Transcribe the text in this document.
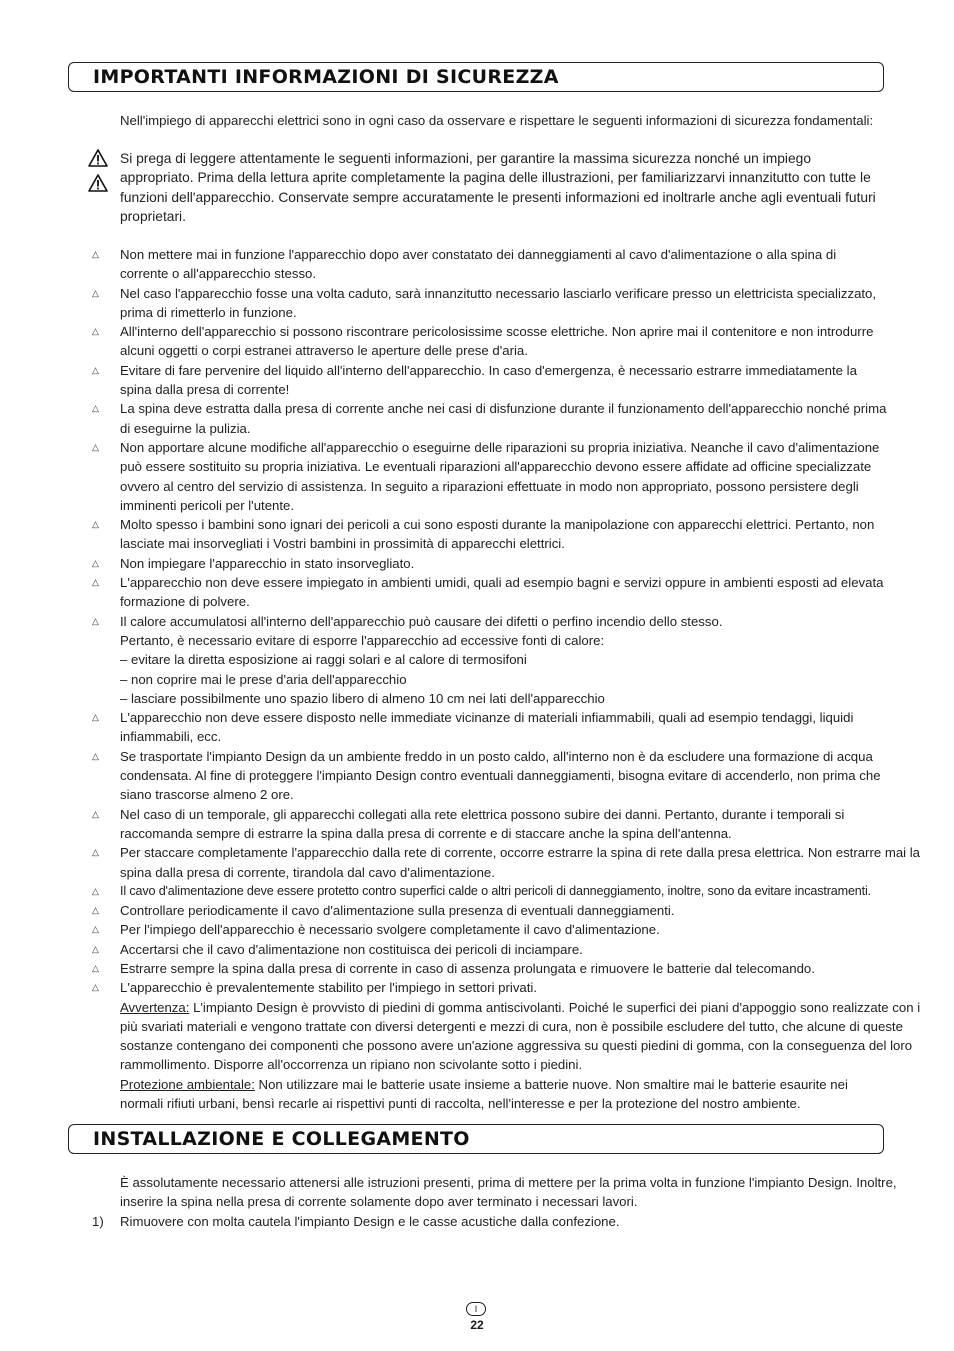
IMPORTANTI INFORMAZIONI DI SICUREZZA

Nell'impiego di apparecchi elettrici sono in ogni caso da osservare e rispettare le seguenti informazioni di sicurezza fondamentali:

Si prega di leggere attentamente le seguenti informazioni, per garantire la massima sicurezza nonché un impiego appropriato. Prima della lettura aprite completamente la pagina delle illustrazioni, per familiarizzarvi innanzitutto con tutte le funzioni dell'apparecchio. Conservate sempre accuratamente le presenti informazioni ed inoltrarle anche agli eventuali futuri proprietari.

△ Non mettere mai in funzione l'apparecchio dopo aver constatato dei danneggiamenti al cavo d'alimentazione o alla spina di corrente o all'apparecchio stesso.
△ Nel caso l'apparecchio fosse una volta caduto, sarà innanzitutto necessario lasciarlo verificare presso un elettricista specializzato, prima di rimetterlo in funzione.
△ All'interno dell'apparecchio si possono riscontrare pericolosissime scosse elettriche. Non aprire mai il contenitore e non introdurre alcuni oggetti o corpi estranei attraverso le aperture delle prese d'aria.
△ Evitare di fare pervenire del liquido all'interno dell'apparecchio. In caso d'emergenza, è necessario estrarre immediatamente la spina dalla presa di corrente!
△ La spina deve estratta dalla presa di corrente anche nei casi di disfunzione durante il funzionamento dell'apparecchio nonché prima di eseguirne la pulizia.
△ Non apportare alcune modifiche all'apparecchio o eseguirne delle riparazioni su propria iniziativa. Neanche il cavo d'alimentazione può essere sostituito su propria iniziativa. Le eventuali riparazioni all'apparecchio devono essere affidate ad officine specializzate ovvero al centro del servizio di assistenza. In seguito a riparazioni effettuate in modo non appropriato, possono persistere degli imminenti pericoli per l'utente.
△ Molto spesso i bambini sono ignari dei pericoli a cui sono esposti durante la manipolazione con apparecchi elettrici. Pertanto, non lasciate mai insorvegliati i Vostri bambini in prossimità di apparecchi elettrici.
△ Non impiegare l'apparecchio in stato insorvegliato.
△ L'apparecchio non deve essere impiegato in ambienti umidi, quali ad esempio bagni e servizi oppure in ambienti esposti ad elevata formazione di polvere.
△ Il calore accumulatosi all'interno dell'apparecchio può causare dei difetti o perfino incendio dello stesso.
Pertanto, è necessario evitare di esporre l'apparecchio ad eccessive fonti di calore:
– evitare la diretta esposizione ai raggi solari e al calore di termosifoni
– non coprire mai le prese d'aria dell'apparecchio
– lasciare possibilmente uno spazio libero di almeno 10 cm nei lati dell'apparecchio
△ L'apparecchio non deve essere disposto nelle immediate vicinanze di materiali infiammabili, quali ad esempio tendaggi, liquidi infiammabili, ecc.
△ Se trasportate l'impianto Design da un ambiente freddo in un posto caldo, all'interno non è da escludere una formazione di acqua condensata. Al fine di proteggere l'impianto Design contro eventuali danneggiamenti, bisogna evitare di accenderlo, non prima che siano trascorse almeno 2 ore.
△ Nel caso di un temporale, gli apparecchi collegati alla rete elettrica possono subire dei danni. Pertanto, durante i temporali si raccomanda sempre di estrarre la spina dalla presa di corrente e di staccare anche la spina dell'antenna.
△ Per staccare completamente l'apparecchio dalla rete di corrente, occorre estrarre la spina di rete dalla presa elettrica. Non estrarre mai la spina dalla presa di corrente, tirandola dal cavo d'alimentazione.
△ Il cavo d'alimentazione deve essere protetto contro superfici calde o altri pericoli di danneggiamento, inoltre, sono da evitare incastramenti.
△ Controllare periodicamente il cavo d'alimentazione sulla presenza di eventuali danneggiamenti.
△ Per l'impiego dell'apparecchio è necessario svolgere completamente il cavo d'alimentazione.
△ Accertarsi che il cavo d'alimentazione non costituisca dei pericoli di inciampare.
△ Estrarre sempre la spina dalla presa di corrente in caso di assenza prolungata e rimuovere le batterie dal telecomando.
△ L'apparecchio è prevalentemente stabilito per l'impiego in settori privati.
Avvertenza: L'impianto Design è provvisto di piedini di gomma antiscivolanti. Poiché le superfici dei piani d'appoggio sono realizzate con i più svariati materiali e vengono trattate con diversi detergenti e mezzi di cura, non è possibile escludere del tutto, che alcune di queste sostanze contengano dei componenti che possono avere un'azione aggressiva su questi piedini di gomma, con la conseguenza del loro rammollimento. Disporre all'occorrenza un ripiano non scivolante sotto i piedini.
Protezione ambientale: Non utilizzare mai le batterie usate insieme a batterie nuove. Non smaltire mai le batterie esaurite nei normali rifiuti urbani, bensì recarle ai rispettivi punti di raccolta, nell'interesse e per la protezione del nostro ambiente.
INSTALLAZIONE E COLLEGAMENTO

È assolutamente necessario attenersi alle istruzioni presenti, prima di mettere per la prima volta in funzione l'impianto Design. Inoltre, inserire la spina nella presa di corrente solamente dopo aver terminato i necessari lavori.

1) Rimuovere con molta cautela l'impianto Design e le casse acustiche dalla confezione.

I
22
